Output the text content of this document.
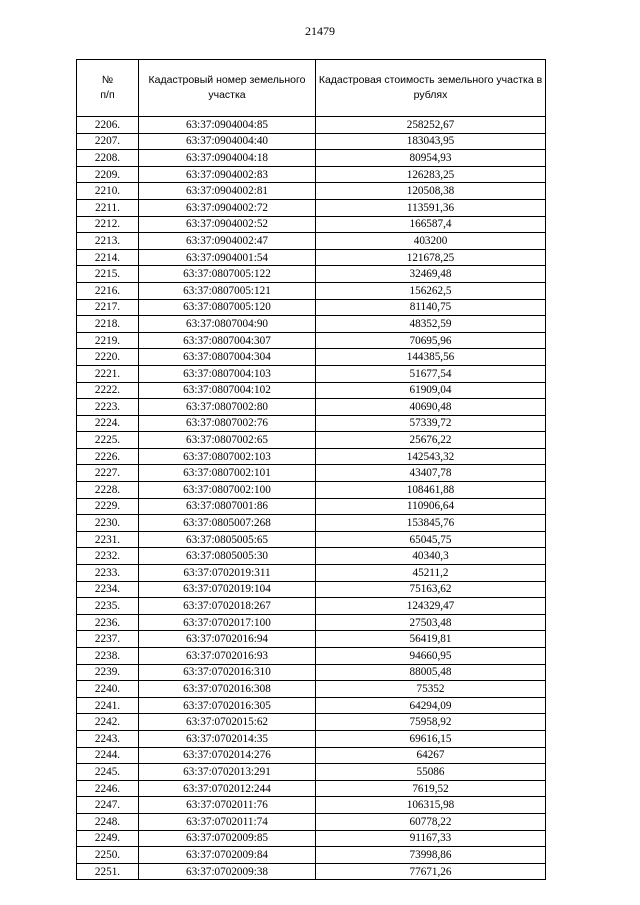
21479
№
п/п	Кадастровый номер земельного участка	Кадастровая стоимость земельного участка в рублях
2206.	63:37:0904004:85	258252,67
2207.	63:37:0904004:40	183043,95
2208.	63:37:0904004:18	80954,93
2209.	63:37:0904002:83	126283,25
2210.	63:37:0904002:81	120508,38
2211.	63:37:0904002:72	113591,36
2212.	63:37:0904002:52	166587,4
2213.	63:37:0904002:47	403200
2214.	63:37:0904001:54	121678,25
2215.	63:37:0807005:122	32469,48
2216.	63:37:0807005:121	156262,5
2217.	63:37:0807005:120	81140,75
2218.	63:37:0807004:90	48352,59
2219.	63:37:0807004:307	70695,96
2220.	63:37:0807004:304	144385,56
2221.	63:37:0807004:103	51677,54
2222.	63:37:0807004:102	61909,04
2223.	63:37:0807002:80	40690,48
2224.	63:37:0807002:76	57339,72
2225.	63:37:0807002:65	25676,22
2226.	63:37:0807002:103	142543,32
2227.	63:37:0807002:101	43407,78
2228.	63:37:0807002:100	108461,88
2229.	63:37:0807001:86	110906,64
2230.	63:37:0805007:268	153845,76
2231.	63:37:0805005:65	65045,75
2232.	63:37:0805005:30	40340,3
2233.	63:37:0702019:311	45211,2
2234.	63:37:0702019:104	75163,62
2235.	63:37:0702018:267	124329,47
2236.	63:37:0702017:100	27503,48
2237.	63:37:0702016:94	56419,81
2238.	63:37:0702016:93	94660,95
2239.	63:37:0702016:310	88005,48
2240.	63:37:0702016:308	75352
2241.	63:37:0702016:305	64294,09
2242.	63:37:0702015:62	75958,92
2243.	63:37:0702014:35	69616,15
2244.	63:37:0702014:276	64267
2245.	63:37:0702013:291	55086
2246.	63:37:0702012:244	7619,52
2247.	63:37:0702011:76	106315,98
2248.	63:37:0702011:74	60778,22
2249.	63:37:0702009:85	91167,33
2250.	63:37:0702009:84	73998,86
2251.	63:37:0702009:38	77671,26
